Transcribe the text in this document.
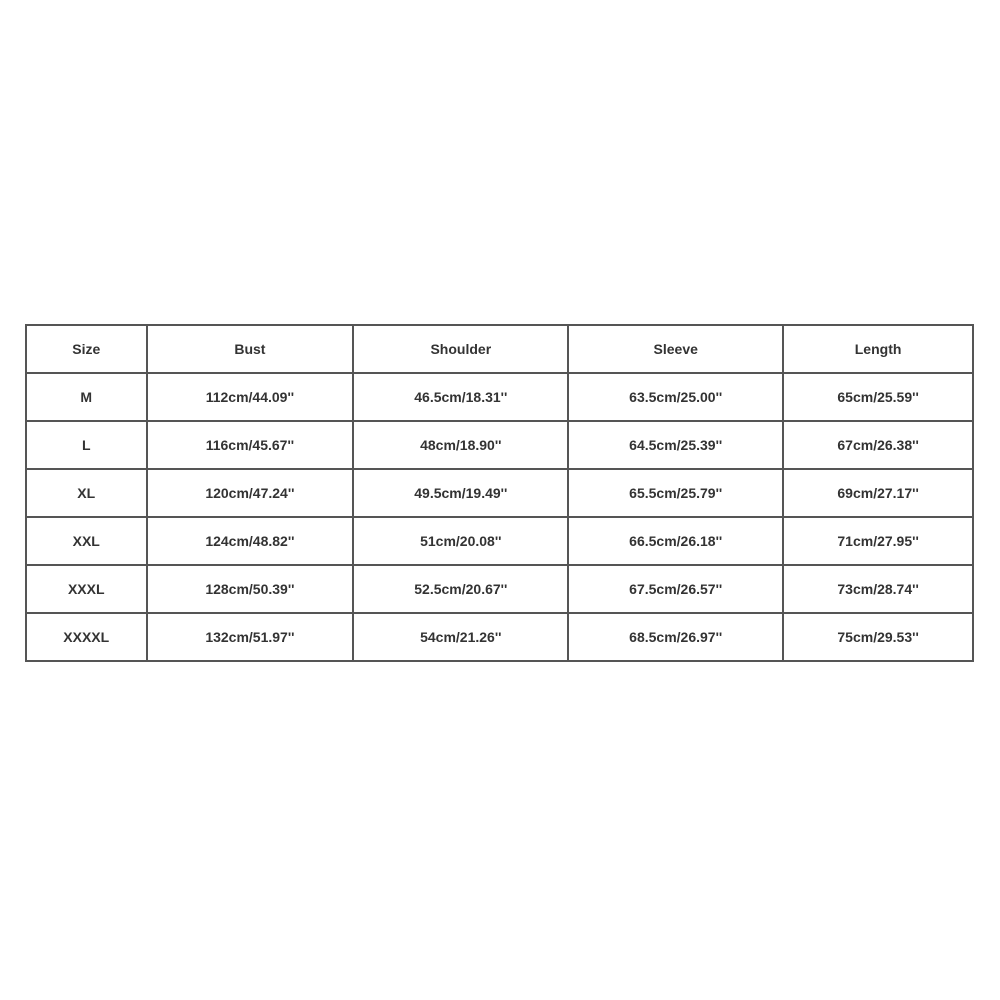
Size	Bust	Shoulder	Sleeve	Length
M	112cm/44.09''	46.5cm/18.31''	63.5cm/25.00''	65cm/25.59''
L	116cm/45.67''	48cm/18.90''	64.5cm/25.39''	67cm/26.38''
XL	120cm/47.24''	49.5cm/19.49''	65.5cm/25.79''	69cm/27.17''
XXL	124cm/48.82''	51cm/20.08''	66.5cm/26.18''	71cm/27.95''
XXXL	128cm/50.39''	52.5cm/20.67''	67.5cm/26.57''	73cm/28.74''
XXXXL	132cm/51.97''	54cm/21.26''	68.5cm/26.97''	75cm/29.53''
